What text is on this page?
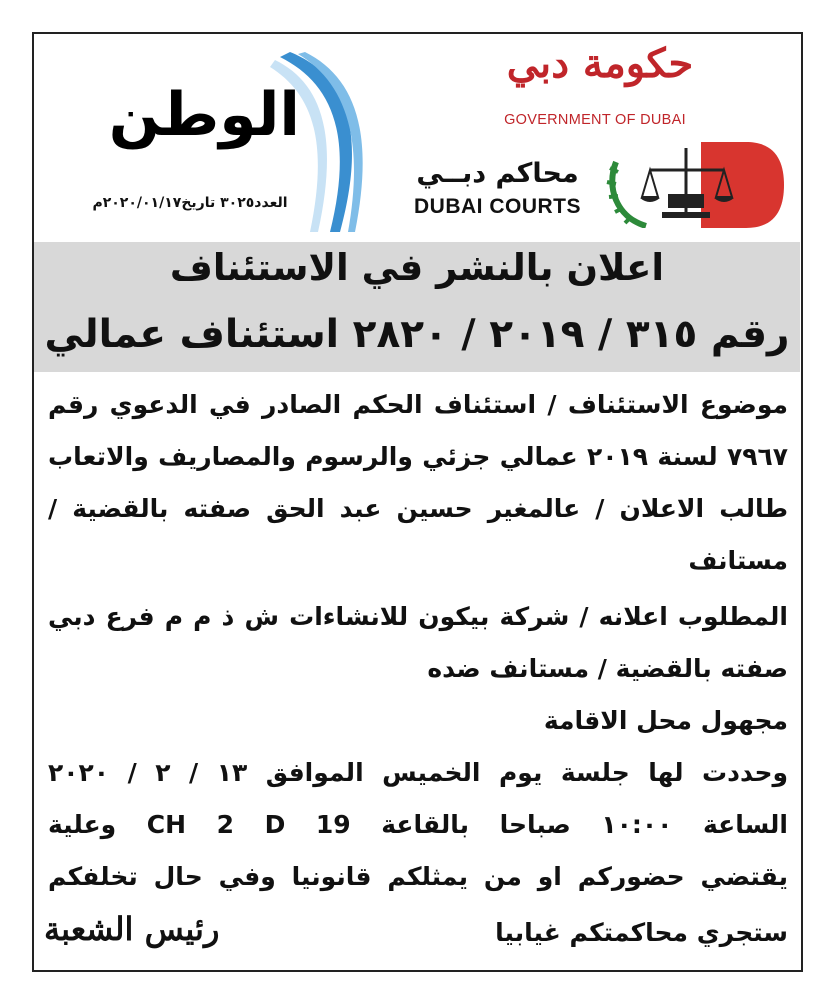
الوطن
العدد٣٠٢٥ تاريخ٢٠٢٠/٠١/١٧م
حكومة دبي
GOVERNMENT OF DUBAI
محاكم دبــي
DUBAI COURTS
اعلان بالنشر في الاستئناف
رقم ٣١٥ / ٢٠١٩ / ٢٨٢٠ استئناف عمالي
موضوع الاستئناف / استئناف الحكم الصادر في الدعوي رقم
٧٩٦٧ لسنة ٢٠١٩ عمالي جزئي والرسوم والمصاريف والاتعاب
طالب الاعلان / عالمغير حسين عبد الحق صفته بالقضية /
مستانف
المطلوب اعلانه / شركة بيكون للانشاءات ش ذ م م فرع دبي
صفته بالقضية / مستانف ضده
مجهول محل الاقامة
وحددت لها جلسة يوم الخميس الموافق ١٣ / ٢ / ٢٠٢٠
الساعة ١٠:٠٠ صباحا بالقاعة CH 2 D 19 وعلية
يقتضي حضوركم او من يمثلكم قانونيا وفي حال تخلفكم
ستجري محاكمتكم غيابيا
رئيس الشعبة
